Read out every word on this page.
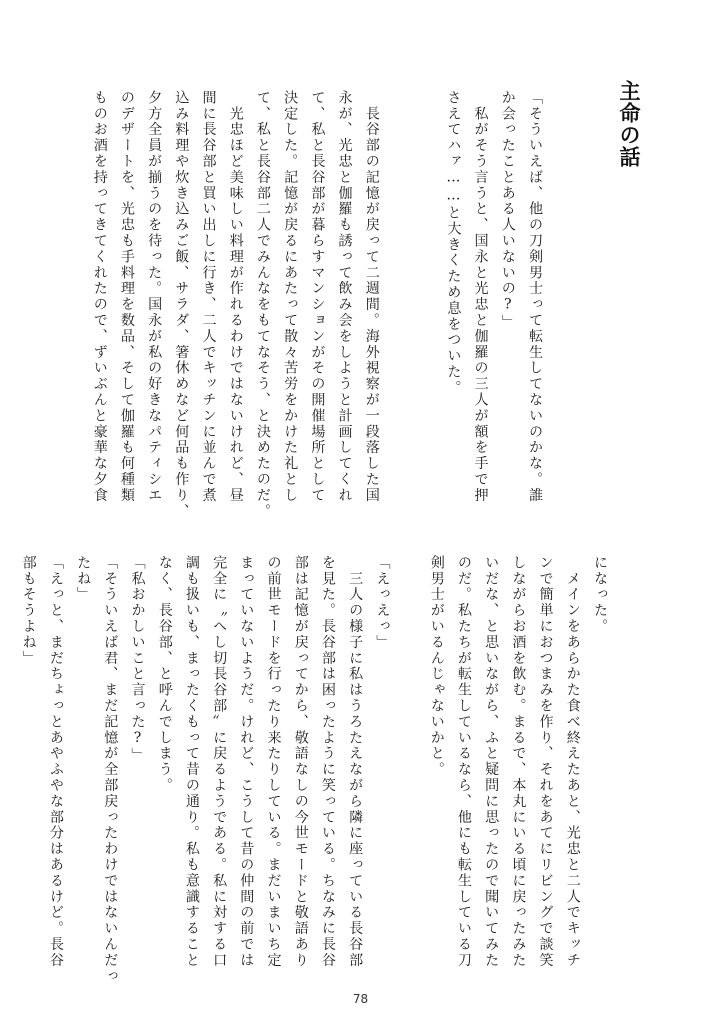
主命の話
「そういえば、他の刀剣男士って転生してないのかな。誰
か会ったことある人いないの?」
　私がそう言うと、国永と光忠と伽羅の三人が額を手で押
さえてハァ……と大きくため息をついた。

　長谷部の記憶が戻って二週間。海外視察が一段落した国
永が、光忠と伽羅も誘って飲み会をしようと計画してくれ
て、私と長谷部が暮らすマンションがその開催場所として
決定した。記憶が戻るにあたって散々苦労をかけた礼とし
て、私と長谷部二人でみんなをもてなそう、と決めたのだ。
　光忠ほど美味しい料理が作れるわけではないけれど、昼
間に長谷部と買い出しに行き、二人でキッチンに並んで煮
込み料理や炊き込みご飯、サラダ、箸休めなど何品も作り、
夕方全員が揃うのを待った。国永が私の好きなパティシエ
のデザートを、光忠も手料理を数品、そして伽羅も何種類
ものお酒を持ってきてくれたので、ずいぶんと豪華な夕食
になった。
　メインをあらかた食べ終えたあと、光忠と二人でキッチ
ンで簡単におつまみを作り、それをあてにリビングで談笑
しながらお酒を飲む。まるで、本丸にいる頃に戻ったみた
いだな、と思いながら、ふと疑問に思ったので聞いてみた
のだ。私たちが転生しているなら、他にも転生している刀
剣男士がいるんじゃないかと。

「えっえっ」
　三人の様子に私はうろたえながら隣に座っている長谷部
を見た。長谷部は困ったように笑っている。ちなみに長谷
部は記憶が戻ってから、敬語なしの今世モードと敬語あり
の前世モードを行ったり来たりしている。まだいまいち定
まっていないようだ。けれど、こうして昔の仲間の前では
完全に〝へし切長谷部〟に戻るようである。私に対する口
調も扱いも、まったくもって昔の通り。私も意識すること
なく、長谷部、と呼んでしまう。
「私おかしいこと言った?」
「そういえば君、まだ記憶が全部戻ったわけではないんだっ
たね」
「えっと、まだちょっとあやふやな部分はあるけど。長谷
部もそうよね」
78
